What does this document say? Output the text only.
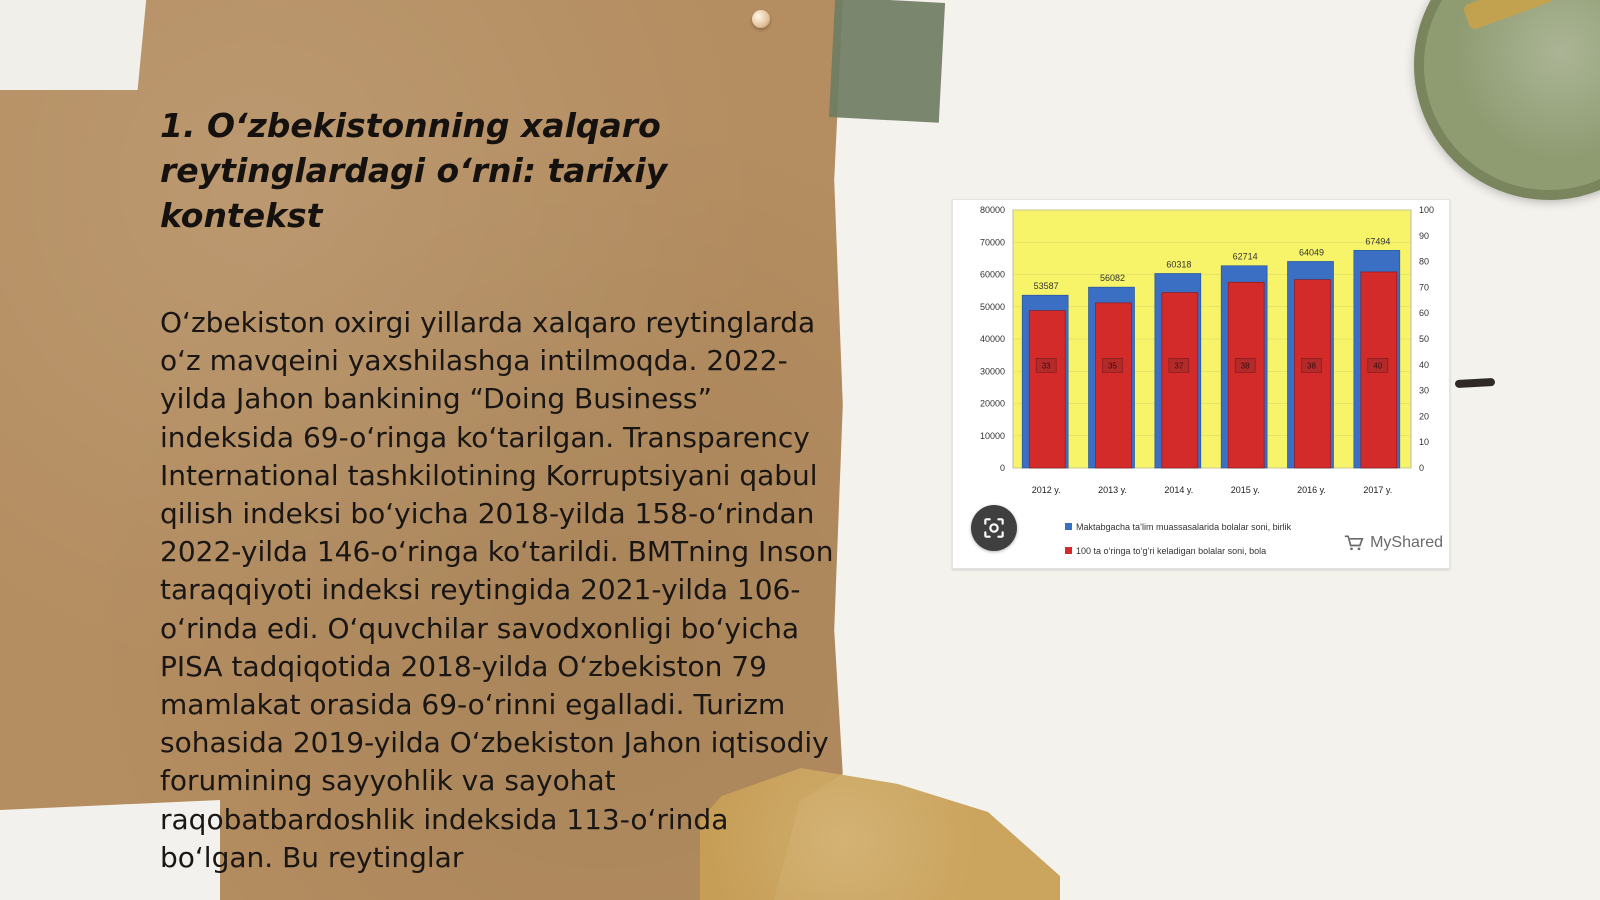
1. O‘zbekistonning xalqaro reytinglardagi o‘rni: tarixiy kontekst
O‘zbekiston oxirgi yillarda xalqaro reytinglarda o‘z mavqeini yaxshilashga intilmoqda. 2022-yilda Jahon bankining “Doing Business” indeksida 69-o‘ringa ko‘tarilgan. Transparency International tashkilotining Korruptsiyani qabul qilish indeksi bo‘yicha 2018-yilda 158-o‘rindan 2022-yilda 146-o‘ringa ko‘tarildi. BMTning Inson taraqqiyoti indeksi reytingida 2021-yilda 106-o‘rinda edi. O‘quvchilar savodxonligi bo‘yicha PISA tadqiqotida 2018-yilda O‘zbekiston 79 mamlakat orasida 69-o‘rinni egalladi. Turizm sohasida 2019-yilda O‘zbekiston Jahon iqtisodiy forumining sayyohlik va sayohat raqobatbardoshlik indeksida 113-o‘rinda bo‘lgan. Bu reytinglar
0
10000
20000
30000
40000
50000
60000
70000
80000
0
10
20
30
40
50
60
70
80
90
100
53587
33
2012 y.
56082
35
2013 y.
60318
37
2014 y.
62714
38
2015 y.
64049
38
2016 y.
67494
40
2017 y.
Maktabgacha ta’lim muassasalarida bolalar soni, birlik
100 ta o‘ringa to‘g‘ri keladigan bolalar soni, bola	MyShared
